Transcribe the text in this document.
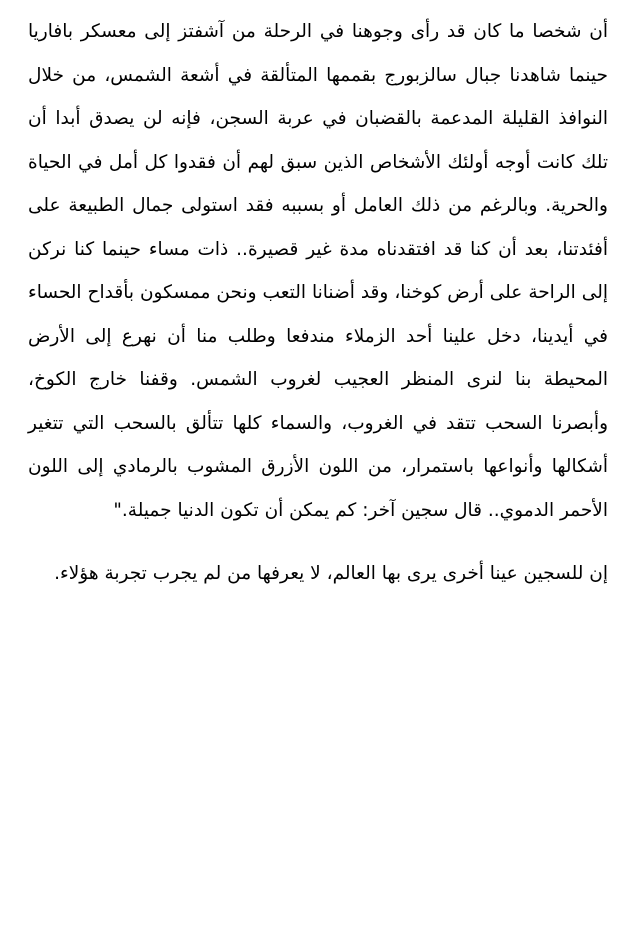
أن شخصا ما كان قد رأى وجوهنا في الرحلة من آشفتز إلى معسكر بافاريا حينما شاهدنا جبال سالزبورج بقممها المتألقة في أشعة الشمس، من خلال النوافذ القليلة المدعمة بالقضبان في عربة السجن، فإنه لن يصدق أبدا أن تلك كانت أوجه أولئك الأشخاص الذين سبق لهم أن فقدوا كل أمل في الحياة والحرية. وبالرغم من ذلك العامل أو بسببه فقد استولى جمال الطبيعة على أفئدتنا، بعد أن كنا قد افتقدناه مدة غير قصيرة.. ذات مساء حينما كنا نركن إلى الراحة على أرض كوخنا، وقد أضنانا التعب ونحن ممسكون بأقداح الحساء في أيدينا، دخل علينا أحد الزملاء مندفعا وطلب منا أن نهرع إلى الأرض المحيطة بنا لنرى المنظر العجيب لغروب الشمس. وقفنا خارج الكوخ، وأبصرنا السحب تتقد في الغروب، والسماء كلها تتألق بالسحب التي تتغير أشكالها وأنواعها باستمرار، من اللون الأزرق المشوب بالرمادي إلى اللون الأحمر الدموي.. قال سجين آخر: كم يمكن أن تكون الدنيا جميلة."

إن للسجين عينا أخرى يرى بها العالم، لا يعرفها من لم يجرب تجربة هؤلاء.
